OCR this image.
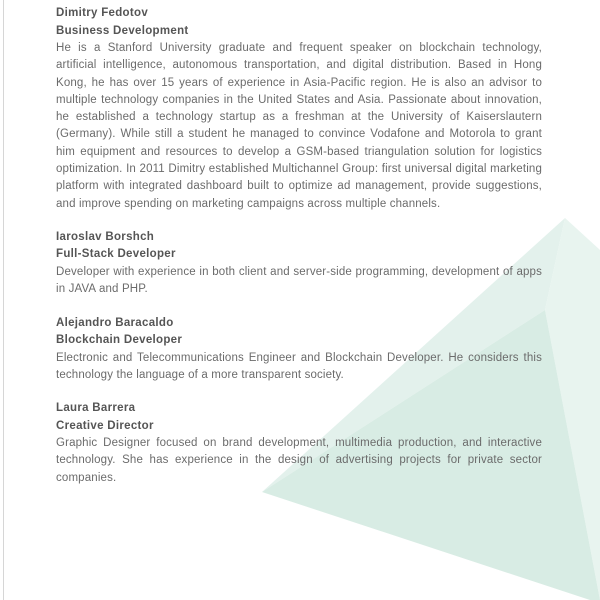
Dimitry Fedotov
Business Development
He is a Stanford University graduate and frequent speaker on blockchain technology, artificial intelligence, autonomous transportation, and digital distribution. Based in Hong Kong, he has over 15 years of experience in Asia-Pacific region. He is also an advisor to multiple technology companies in the United States and Asia. Passionate about innovation, he established a technology startup as a freshman at the University of Kaiserslautern (Germany). While still a student he managed to convince Vodafone and Motorola to grant him equipment and resources to develop a GSM-based triangulation solution for logistics optimization. In 2011 Dimitry established Multichannel Group: first universal digital marketing platform with integrated dashboard built to optimize ad management, provide suggestions, and improve spending on marketing campaigns across multiple channels.
Iaroslav Borshch
Full-Stack Developer
Developer with experience in both client and server-side programming, development of apps in JAVA and PHP.
Alejandro Baracaldo
Blockchain Developer
Electronic and Telecommunications Engineer and Blockchain Developer. He considers this technology the language of a more transparent society.
Laura Barrera
Creative Director
Graphic Designer focused on brand development, multimedia production, and interactive technology. She has experience in the design of advertising projects for private sector companies.
